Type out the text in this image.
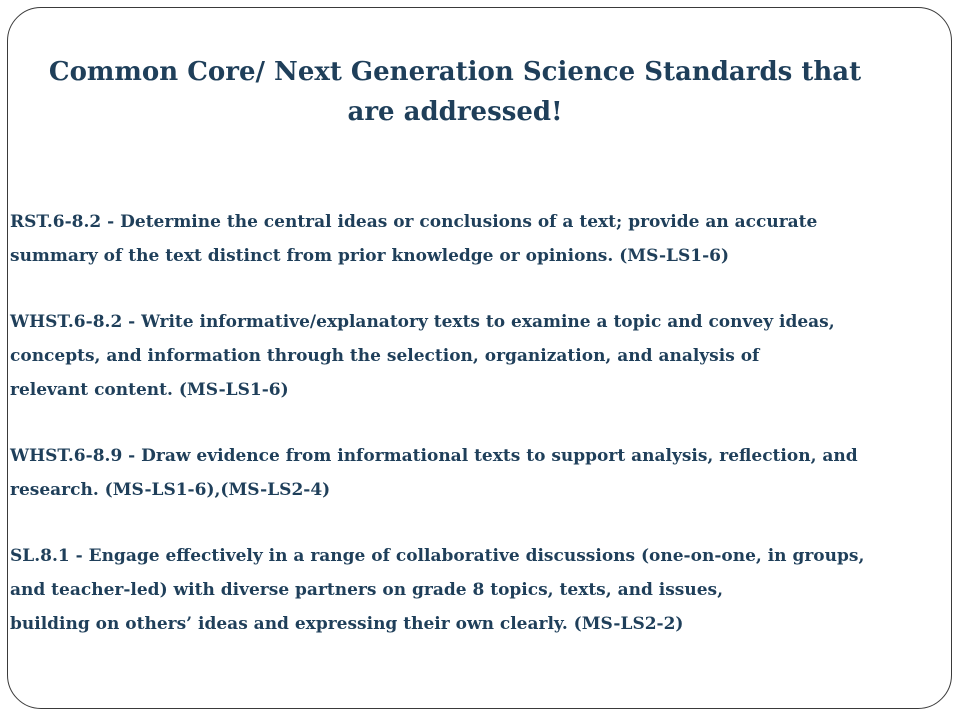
Common Core/ Next Generation Science Standards that are addressed!
RST.6-8.2 - Determine the central ideas or conclusions of a text; provide an accurate
summary of the text distinct from prior knowledge or opinions. (MS-LS1-6)
WHST.6-8.2 - Write informative/explanatory texts to examine a topic and convey ideas,
concepts, and information through the selection, organization, and analysis of
relevant content. (MS-LS1-6)
WHST.6-8.9 - Draw evidence from informational texts to support analysis, reflection, and
research. (MS-LS1-6),(MS-LS2-4)
SL.8.1 - Engage effectively in a range of collaborative discussions (one-on-one, in groups,
and teacher-led) with diverse partners on grade 8 topics, texts, and issues,
building on others’ ideas and expressing their own clearly. (MS-LS2-2)
